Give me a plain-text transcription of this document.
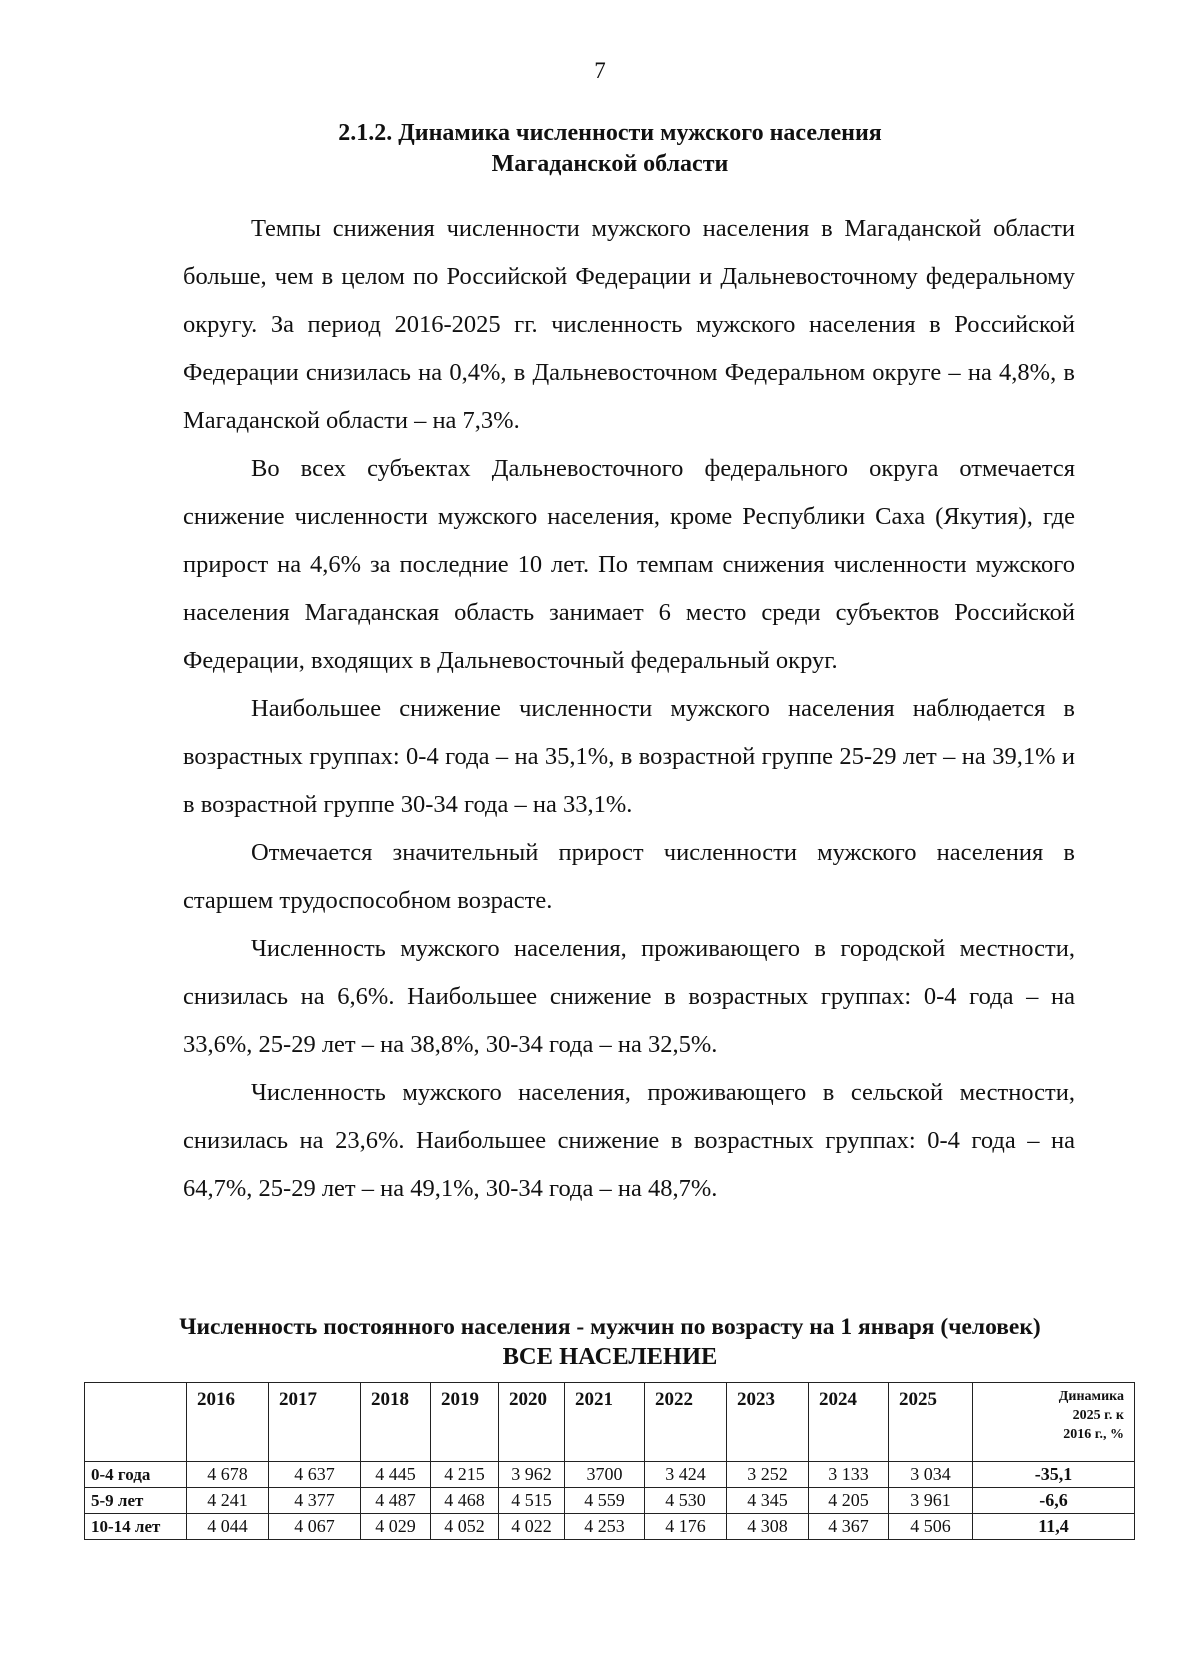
7
2.1.2. Динамика численности мужского населения
Магаданской области

Темпы снижения численности мужского населения в Магаданской области больше, чем в целом по Российской Федерации и Дальневосточному федеральному округу. За период 2016-2025 гг. численность мужского населения в Российской Федерации снизилась на 0,4%, в Дальневосточном Федеральном округе – на 4,8%, в Магаданской области – на 7,3%.

Во всех субъектах Дальневосточного федерального округа отмечается снижение численности мужского населения, кроме Республики Саха (Якутия), где прирост на 4,6% за последние 10 лет. По темпам снижения численности мужского населения Магаданская область занимает 6 место среди субъектов Российской Федерации, входящих в Дальневосточный федеральный округ.

Наибольшее снижение численности мужского населения наблюдается в возрастных группах: 0-4 года – на 35,1%, в возрастной группе 25-29 лет – на 39,1% и в возрастной группе 30-34 года – на 33,1%.

Отмечается значительный прирост численности мужского населения в старшем трудоспособном возрасте.

Численность мужского населения, проживающего в городской местности, снизилась на 6,6%. Наибольшее снижение в возрастных группах: 0-4 года – на 33,6%, 25-29 лет – на 38,8%, 30-34 года – на 32,5%.

Численность мужского населения, проживающего в сельской местности, снизилась на 23,6%. Наибольшее снижение в возрастных группах: 0-4 года – на 64,7%, 25-29 лет – на 49,1%, 30-34 года – на 48,7%.

Численность постоянного населения - мужчин по возрасту на 1 января (человек)
ВСЕ НАСЕЛЕНИЕ
	2016	2017	2018	2019	2020	2021	2022	2023	2024	2025	Динамика
2025 г. к
2016 г., %

0-4 года	4 678	4 637	4 445	4 215	3 962	3700	3 424	3 252	3 133	3 034	-35,1
5-9 лет	4 241	4 377	4 487	4 468	4 515	4 559	4 530	4 345	4 205	3 961	-6,6
10-14 лет	4 044	4 067	4 029	4 052	4 022	4 253	4 176	4 308	4 367	4 506	11,4
